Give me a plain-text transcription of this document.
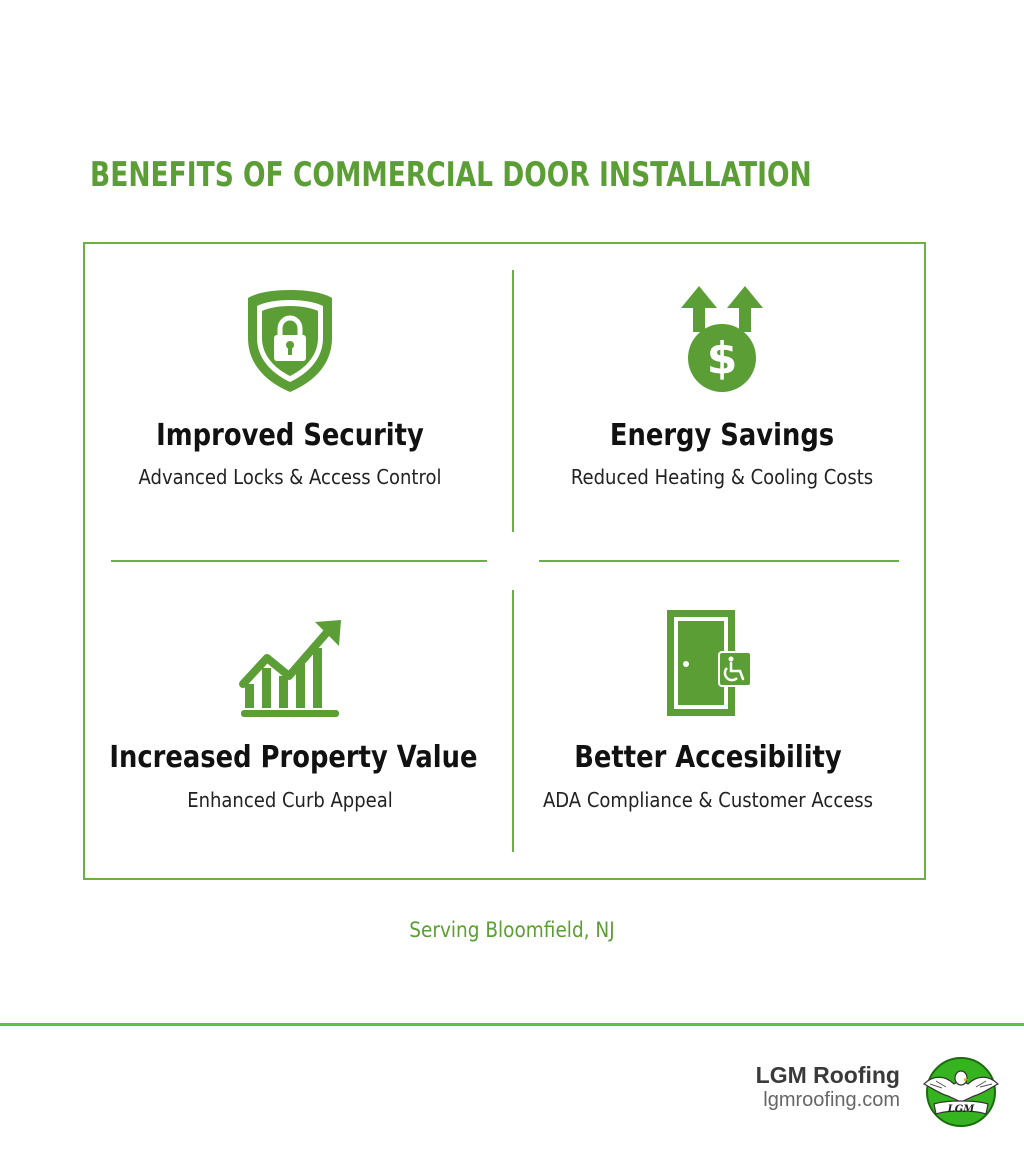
BENEFITS OF COMMERCIAL DOOR INSTALLATION
Improved Security
Advanced Locks & Access Control
$
Energy Savings
Reduced Heating & Cooling Costs
Increased Property Value
Enhanced Curb Appeal
Better Accesibility
ADA Compliance & Customer Access
Serving Bloomfield, NJ
LGM Roofing
lgmroofing.com	LGM
